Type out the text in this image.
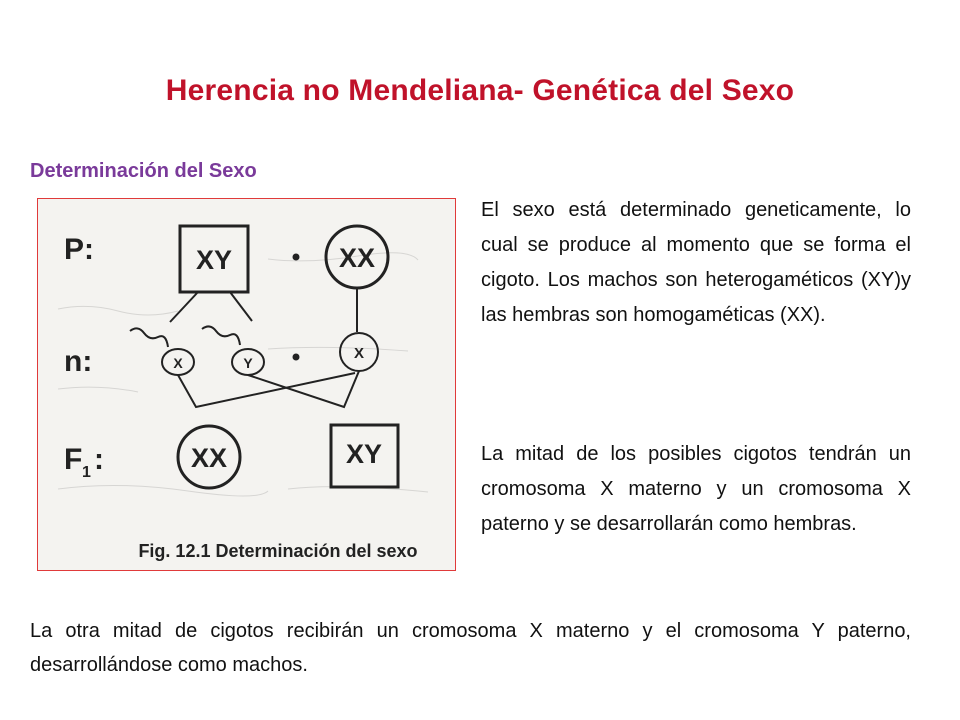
Herencia no Mendeliana- Genética del Sexo
Determinación del Sexo
P:
n:
F 1 :
XY	XX
X	Y
X
XX	XY
Fig. 12.1 Determinación del sexo

El sexo está determinado geneticamente, lo cual se produce al momento que se forma el cigoto. Los machos son heterogaméticos (XY)y las hembras son homogaméticas (XX).

La mitad de los posibles cigotos tendrán un cromosoma X materno y un cromosoma X paterno y se desarrollarán como hembras.

La otra mitad de cigotos recibirán un cromosoma X materno y el cromosoma Y paterno, desarrollándose como machos.
